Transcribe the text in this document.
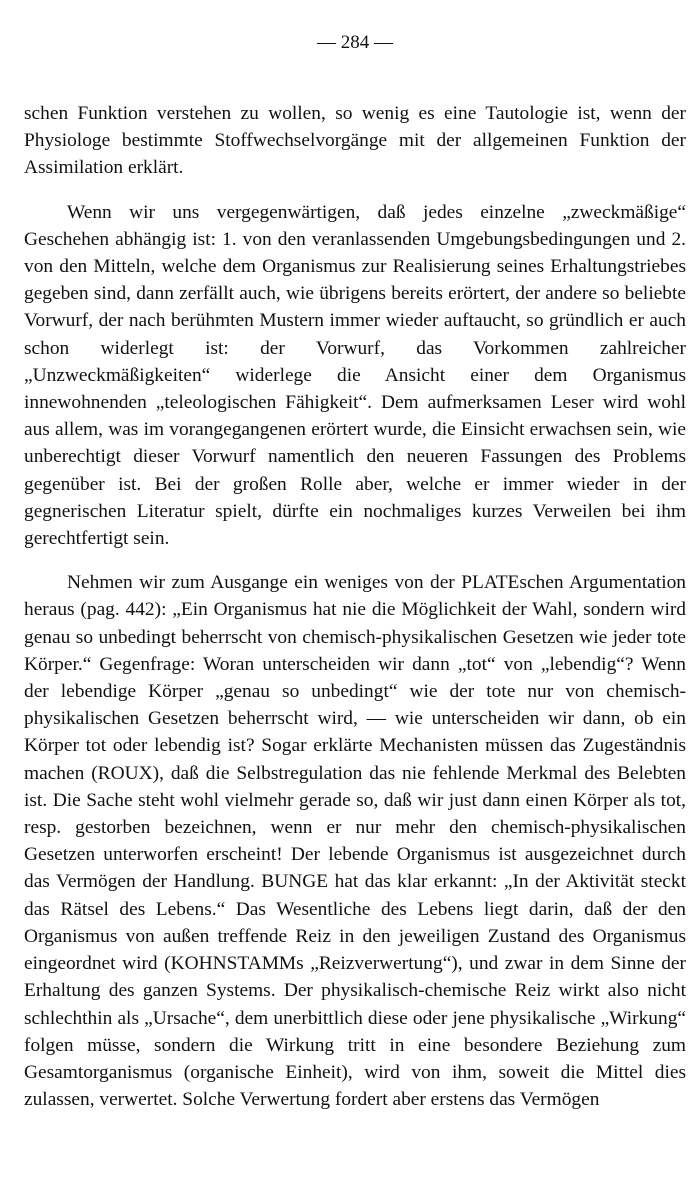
— 284 —

schen Funktion verstehen zu wollen, so wenig es eine Tautologie ist, wenn der Physiologe bestimmte Stoffwechselvorgänge mit der allgemeinen Funktion der Assimilation erklärt.

Wenn wir uns vergegenwärtigen, daß jedes einzelne „zweckmäßige“ Geschehen abhängig ist: 1. von den veranlassenden Umgebungsbedingungen und 2. von den Mitteln, welche dem Organismus zur Realisierung seines Erhaltungstriebes gegeben sind, dann zerfällt auch, wie übrigens bereits erörtert, der andere so beliebte Vorwurf, der nach berühmten Mustern immer wieder auftaucht, so gründlich er auch schon widerlegt ist: der Vorwurf, das Vorkommen zahlreicher „Unzweckmäßigkeiten“ widerlege die Ansicht einer dem Organismus innewohnenden „teleologischen Fähigkeit“. Dem aufmerksamen Leser wird wohl aus allem, was im vorangegangenen erörtert wurde, die Einsicht erwachsen sein, wie unberechtigt dieser Vorwurf namentlich den neueren Fassungen des Problems gegenüber ist. Bei der großen Rolle aber, welche er immer wieder in der gegnerischen Literatur spielt, dürfte ein nochmaliges kurzes Verweilen bei ihm gerechtfertigt sein.

Nehmen wir zum Ausgange ein weniges von der PLATEschen Argumentation heraus (pag. 442): „Ein Organismus hat nie die Möglichkeit der Wahl, sondern wird genau so unbedingt beherrscht von chemisch-physikalischen Gesetzen wie jeder tote Körper.“ Gegenfrage: Woran unterscheiden wir dann „tot“ von „lebendig“? Wenn der lebendige Körper „genau so unbedingt“ wie der tote nur von chemisch-physikalischen Gesetzen beherrscht wird, — wie unterscheiden wir dann, ob ein Körper tot oder lebendig ist? Sogar erklärte Mechanisten müssen das Zugeständnis machen (ROUX), daß die Selbstregulation das nie fehlende Merkmal des Belebten ist. Die Sache steht wohl vielmehr gerade so, daß wir just dann einen Körper als tot, resp. gestorben bezeichnen, wenn er nur mehr den chemisch-physikalischen Gesetzen unterworfen erscheint! Der lebende Organismus ist ausgezeichnet durch das Vermögen der Handlung. BUNGE hat das klar erkannt: „In der Aktivität steckt das Rätsel des Lebens.“ Das Wesentliche des Lebens liegt darin, daß der den Organismus von außen treffende Reiz in den jeweiligen Zustand des Organismus eingeordnet wird (KOHNSTAMMs „Reizverwertung“), und zwar in dem Sinne der Erhaltung des ganzen Systems. Der physikalisch-chemische Reiz wirkt also nicht schlechthin als „Ursache“, dem unerbittlich diese oder jene physikalische „Wirkung“ folgen müsse, sondern die Wirkung tritt in eine besondere Beziehung zum Gesamtorganismus (organische Einheit), wird von ihm, soweit die Mittel dies zulassen, verwertet. Solche Verwertung fordert aber erstens das Vermögen
